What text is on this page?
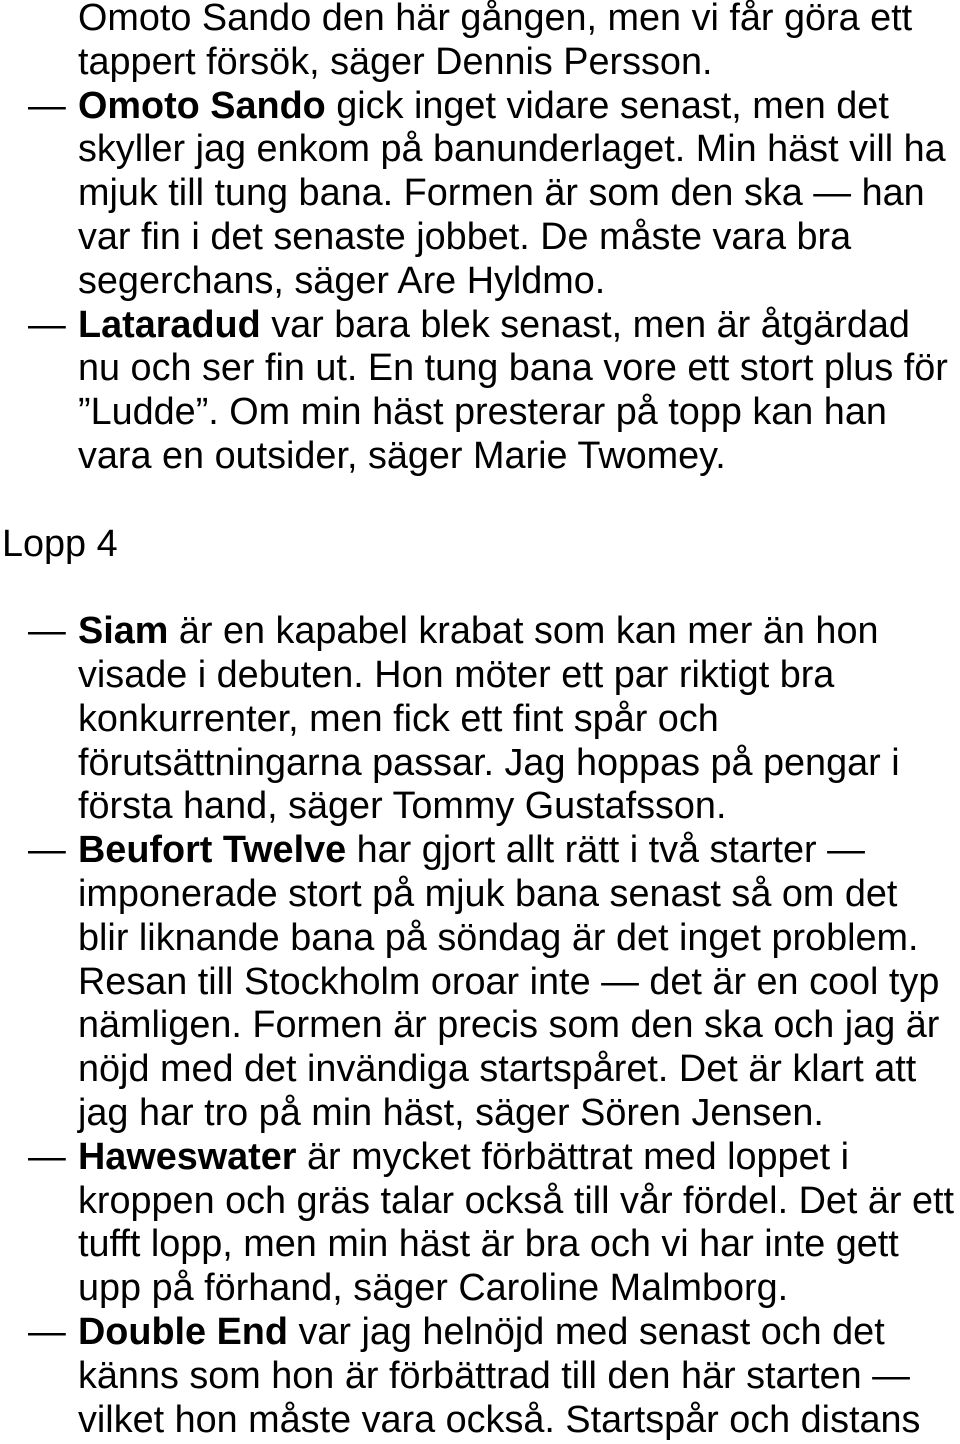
Omoto Sando den här gången, men vi får göra ett
tappert försök, säger Dennis Persson.
— Omoto Sando gick inget vidare senast, men det
skyller jag enkom på banunderlaget. Min häst vill ha
mjuk till tung bana. Formen är som den ska — han
var fin i det senaste jobbet. De måste vara bra
segerchans, säger Are Hyldmo.
— Lataradud var bara blek senast, men är åtgärdad
nu och ser fin ut. En tung bana vore ett stort plus för
”Ludde”. Om min häst presterar på topp kan han
vara en outsider, säger Marie Twomey.
Lopp 4
— Siam är en kapabel krabat som kan mer än hon
visade i debuten. Hon möter ett par riktigt bra
konkurrenter, men fick ett fint spår och
förutsättningarna passar. Jag hoppas på pengar i
första hand, säger Tommy Gustafsson.
— Beufort Twelve har gjort allt rätt i två starter —
imponerade stort på mjuk bana senast så om det
blir liknande bana på söndag är det inget problem.
Resan till Stockholm oroar inte — det är en cool typ
nämligen. Formen är precis som den ska och jag är
nöjd med det invändiga startspåret. Det är klart att
jag har tro på min häst, säger Sören Jensen.
— Haweswater är mycket förbättrat med loppet i
kroppen och gräs talar också till vår fördel. Det är ett
tufft lopp, men min häst är bra och vi har inte gett
upp på förhand, säger Caroline Malmborg.
— Double End var jag helnöjd med senast och det
känns som hon är förbättrad till den här starten —
vilket hon måste vara också. Startspår och distans
